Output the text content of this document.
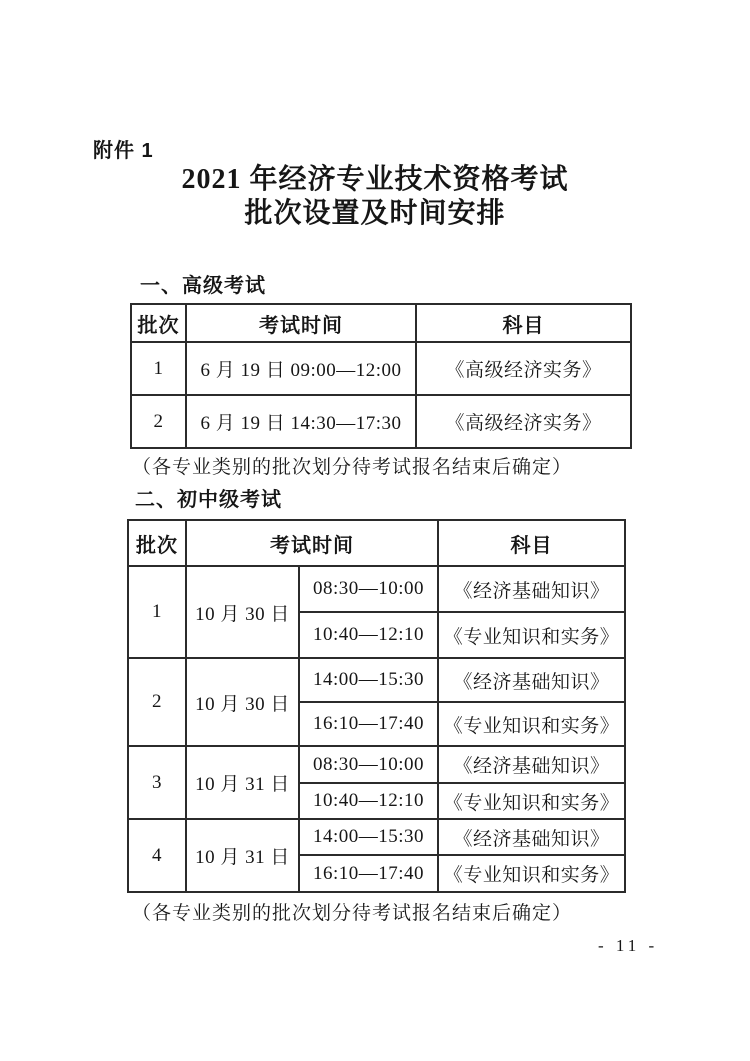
附件 1
2021 年经济专业技术资格考试
批次设置及时间安排
一、高级考试
批次	考试时间	科目
1	6 月 19 日 09:00—12:00	《高级经济实务》
2	6 月 19 日 14:30—17:30	《高级经济实务》
（各专业类别的批次划分待考试报名结束后确定）
二、初中级考试
批次	考试时间		科目
1	10 月 30 日	08:30—10:00	《经济基础知识》
		10:40—12:10	《专业知识和实务》
2	10 月 30 日	14:00—15:30	《经济基础知识》
		16:10—17:40	《专业知识和实务》
3	10 月 31 日	08:30—10:00	《经济基础知识》
		10:40—12:10	《专业知识和实务》
4	10 月 31 日	14:00—15:30	《经济基础知识》
		16:10—17:40	《专业知识和实务》
（各专业类别的批次划分待考试报名结束后确定）
- 11 -
